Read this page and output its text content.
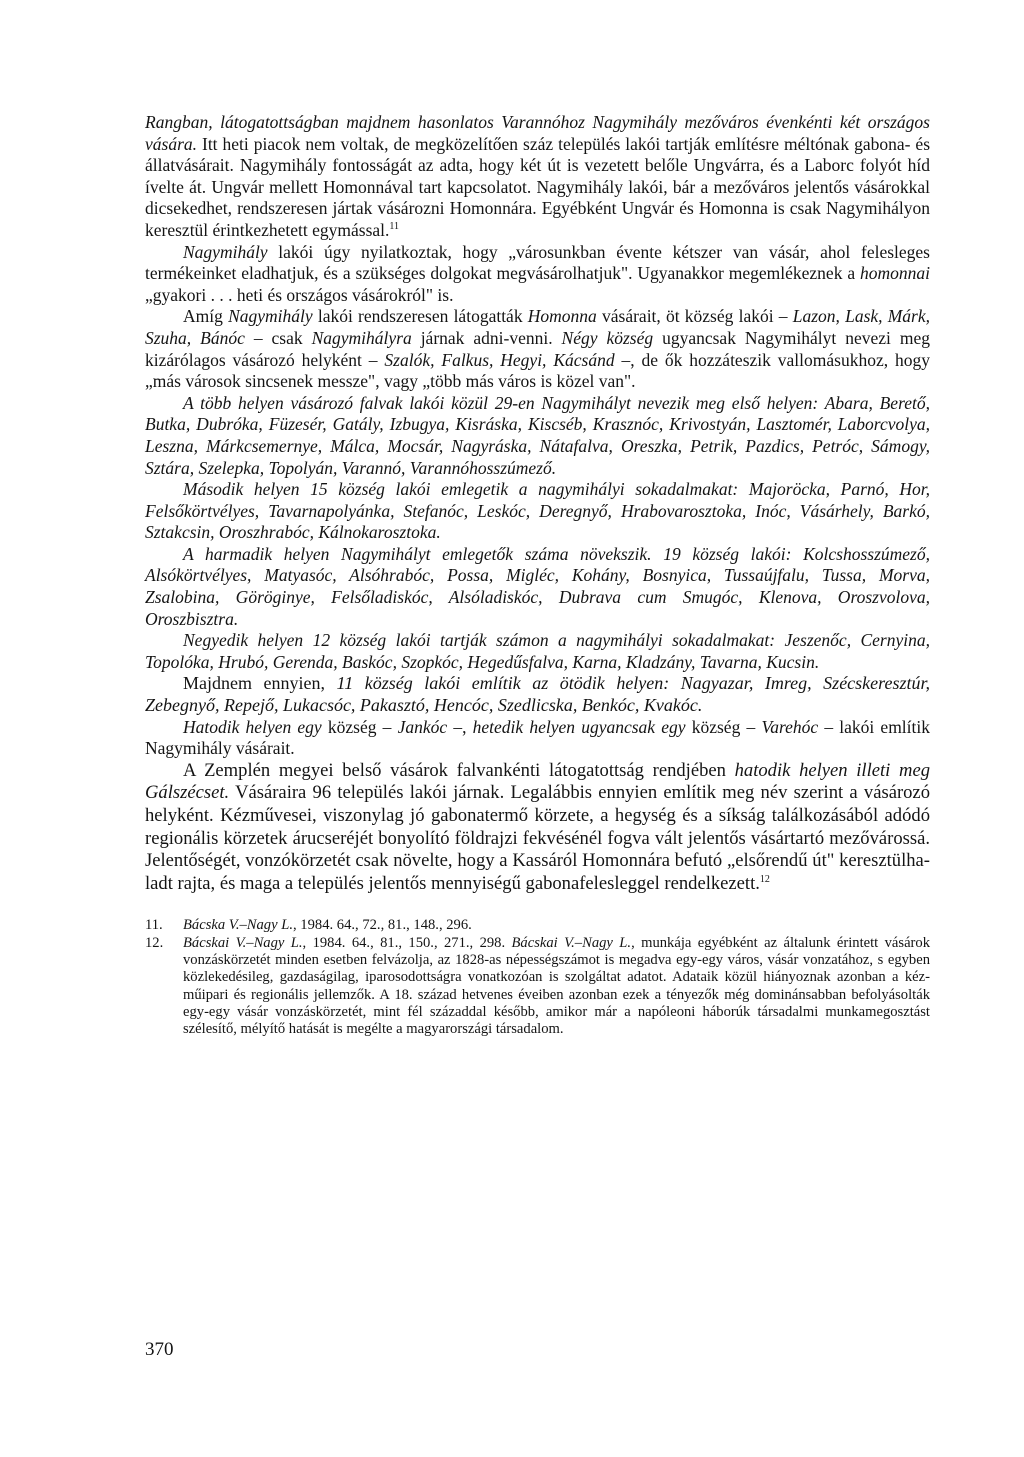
Rangban, látogatottságban majdnem hasonlatos Varannóhoz Nagymihály mezőváros évenkénti két országos vására. Itt heti piacok nem voltak, de megközelítően száz település lakói tartják említésre méltónak gabona- és állatvásárait. Nagymihály fontosságát az adta, hogy két út is vezetett belőle Ungvárra, és a Laborc folyót híd ívelte át. Ungvár mellett Homonnával tart kapcsolatot. Nagymihály lakói, bár a mezőváros jelentős vásárokkal dicsekedhet, rendszeresen jártak vásározni Homonnára. Egyébként Ungvár és Homonna is csak Nagymihályon keresztül érintkezhetett egymással.$^{11}$

Nagymihály lakói úgy nyilatkoztak, hogy „városunkban évente kétszer van vásár, ahol felesleges termékeinket eladhatjuk, és a szükséges dolgokat megvásárolhatjuk". Ugyanakkor megemlékeznek a homonnai „gyakori . . . heti és országos vásárokról" is.

Amíg Nagymihály lakói rendszeresen látogatták Homonna vásárait, öt község lakói – Lazon, Lask, Márk, Szuha, Bánóc – csak Nagymihályra járnak adni-venni. Négy község ugyancsak Nagymihályt nevezi meg kizárólagos vásározó helyként – Szalók, Falkus, Hegyi, Kácsánd –, de ők hozzáteszik vallomásukhoz, hogy „más városok sincsenek messze", vagy „több más város is közel van".

A több helyen vásározó falvak lakói közül 29-en Nagymihályt nevezik meg első helyen: Abara, Berető, Butka, Dubróka, Füzesér, Gatály, Izbugya, Kisráska, Kiscséb, Krasznóc, Krivostyán, Lasztomér, Laborcvolya, Leszna, Márkcsemernye, Málca, Mocsár, Nagyráska, Nátafalva, Oreszka, Petrik, Pazdics, Petróc, Sámogy, Sztára, Szelepka, Topolyán, Varannó, Varannóhosszúmező.

Második helyen 15 község lakói emlegetik a nagymihályi sokadalmakat: Majoröcka, Parnó, Hor, Felsőkörtvélyes, Tavarnapolyánka, Stefanóc, Leskóc, Deregnyő, Hrabovarosztoka, Inóc, Vásárhely, Barkó, Sztakcsin, Oroszhrabóc, Kálnokarosztoka.

A harmadik helyen Nagymihályt emlegetők száma növekszik. 19 község lakói: Kolcshosszúmező, Alsókörtvélyes, Matyasóc, Alsóhrabóc, Possa, Migléc, Kohány, Bosnyica, Tussaújfalu, Tussa, Morva, Zsalobina, Göröginye, Felsőladiskóc, Alsóladiskóc, Dubrava cum Smugóc, Klenova, Oroszvolova, Oroszbisztra.

Negyedik helyen 12 község lakói tartják számon a nagymihályi sokadalmakat: Jeszenőc, Cernyina, Topolóka, Hrubó, Gerenda, Baskóc, Szopkóc, Hegedűsfalva, Karna, Kladzány, Tavarna, Kucsin.

Majdnem ennyien, 11 község lakói említik az ötödik helyen: Nagyazar, Imreg, Szécskeresztúr, Zebegnyő, Repejő, Lukacsóc, Pakasztó, Hencóc, Szedlicska, Benkóc, Kvakóc.

Hatodik helyen egy község – Jankóc –, hetedik helyen ugyancsak egy község – Varehóc – lakói említik Nagymihály vásárait.

A Zemplén megyei belső vásárok falvankénti látogatottság rendjében hatodik helyen illeti meg Gálszécset. Vásáraira 96 település lakói járnak. Legalábbis ennyien említik meg név szerint a vásározó helyként. Kézművesei, viszonylag jó gabonatermő körzete, a hegység és a síkság találkozásából adódó regionális körzetek árucseréjét bonyolító földrajzi fekvésénél fogva vált jelentős vásártartó mezővárossá. Jelentőségét, vonzókörzetét csak növelte, hogy a Kassáról Homonnára befutó „elsőrendű út" keresztülhaladt rajta, és maga a település jelentős mennyiségű gabonafelesleggel rendelkezett.$^{12}$

11. Bácska V.–Nagy L., 1984. 64., 72., 81., 148., 296.
12. Bácskai V.–Nagy L., 1984. 64., 81., 150., 271., 298. Bácskai V.–Nagy L., munkája egyébként az általunk érintett vásárok vonzáskörzetét minden esetben felvázolja, az 1828-as népességszámot is megadva egy-egy város, vásár vonzatához, s egyben közlekedésileg, gazdaságilag, iparosodottságra vonatkozóan is szolgáltat adatot. Adataik közül hiányoznak azonban a kézműipari és regionális jellemzők. A 18. század hetvenes éveiben azonban ezek a tényezők még dominánsabban befolyásolták egy-egy vásár vonzáskörzetét, mint fél századdal később, amikor már a napóleoni háborúk társadalmi munkamegosztást szélesítő, mélyítő hatását is megélte a magyarországi társadalom.
370
